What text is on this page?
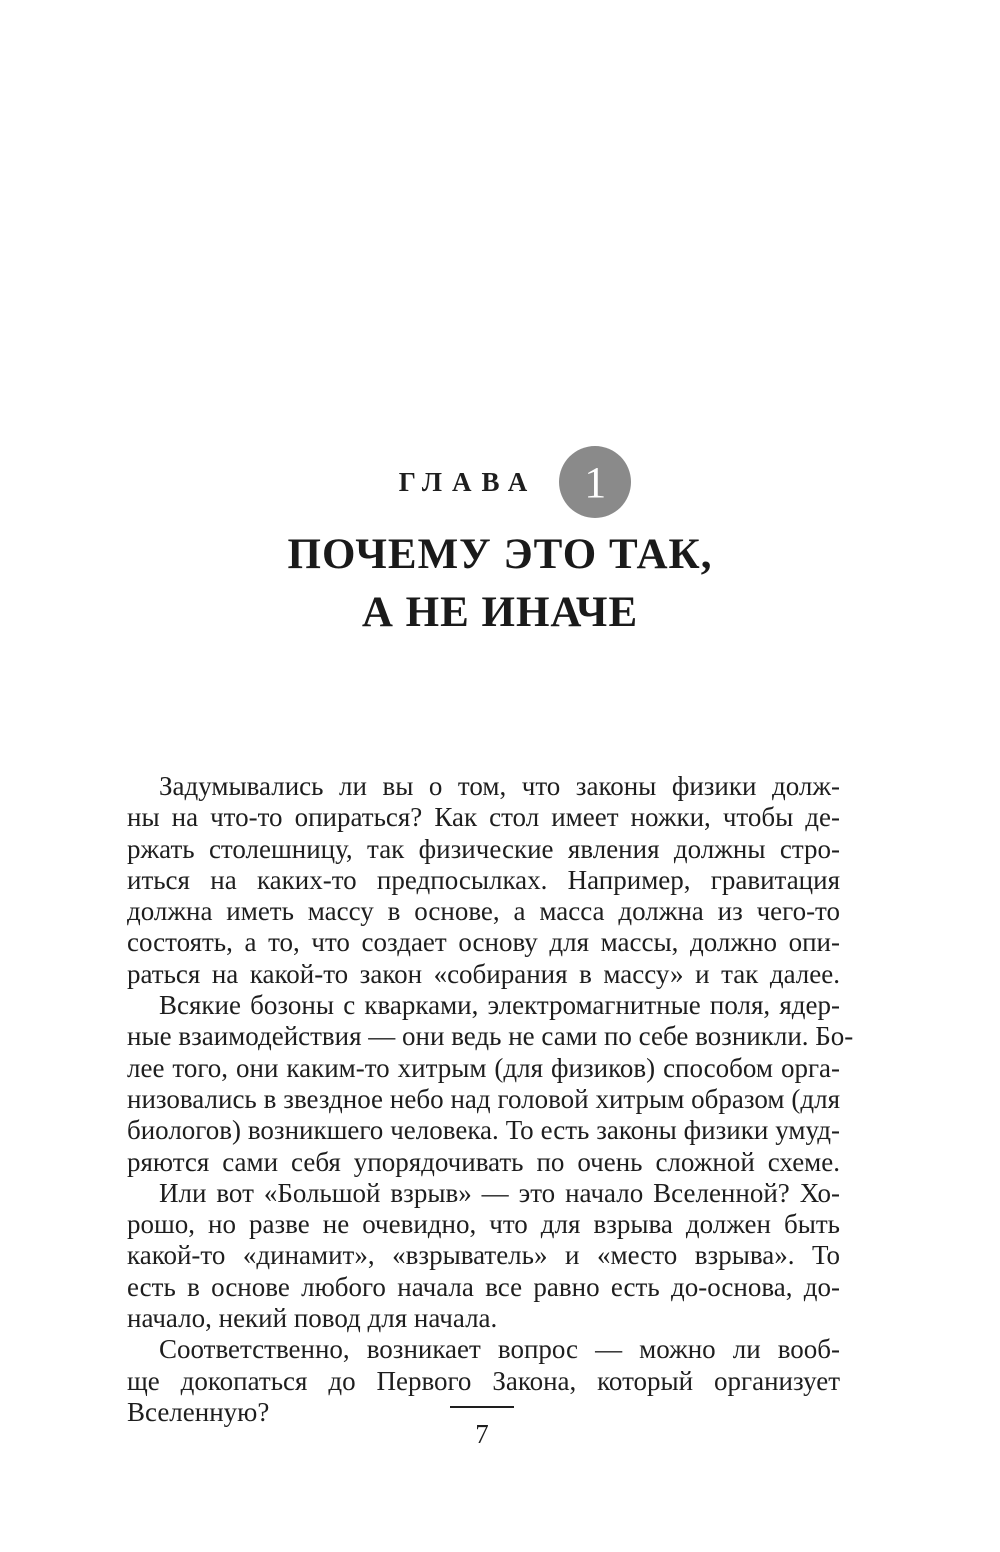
ГЛАВА	1
ПОЧЕМУ ЭТО ТАК,
А НЕ ИНАЧЕ
Задумывались ли вы о том, что законы физики долж-
ны на что-то опираться? Как стол имеет ножки, чтобы де-
ржать столешницу, так физические явления должны стро-
иться на каких-то предпосылках. Например, гравитация
должна иметь массу в основе, а масса должна из чего-то
состоять, а то, что создает основу для массы, должно опи-
раться на какой-то закон «собирания в массу» и так далее.
Всякие бозоны с кварками, электромагнитные поля, ядер-
ные взаимодействия — они ведь не сами по себе возникли. Бо-
лее того, они каким-то хитрым (для физиков) способом орга-
низовались в звездное небо над головой хитрым образом (для
биологов) возникшего человека. То есть законы физики умуд-
ряются сами себя упорядочивать по очень сложной схеме.
Или вот «Большой взрыв» — это начало Вселенной? Хо-
рошо, но разве не очевидно, что для взрыва должен быть
какой-то «динамит», «взрыватель» и «место взрыва». То
есть в основе любого начала все равно есть до-основа, до-
начало, некий повод для начала.
Соответственно, возникает вопрос — можно ли вооб-
ще докопаться до Первого Закона, который организует
Вселенную?
7
